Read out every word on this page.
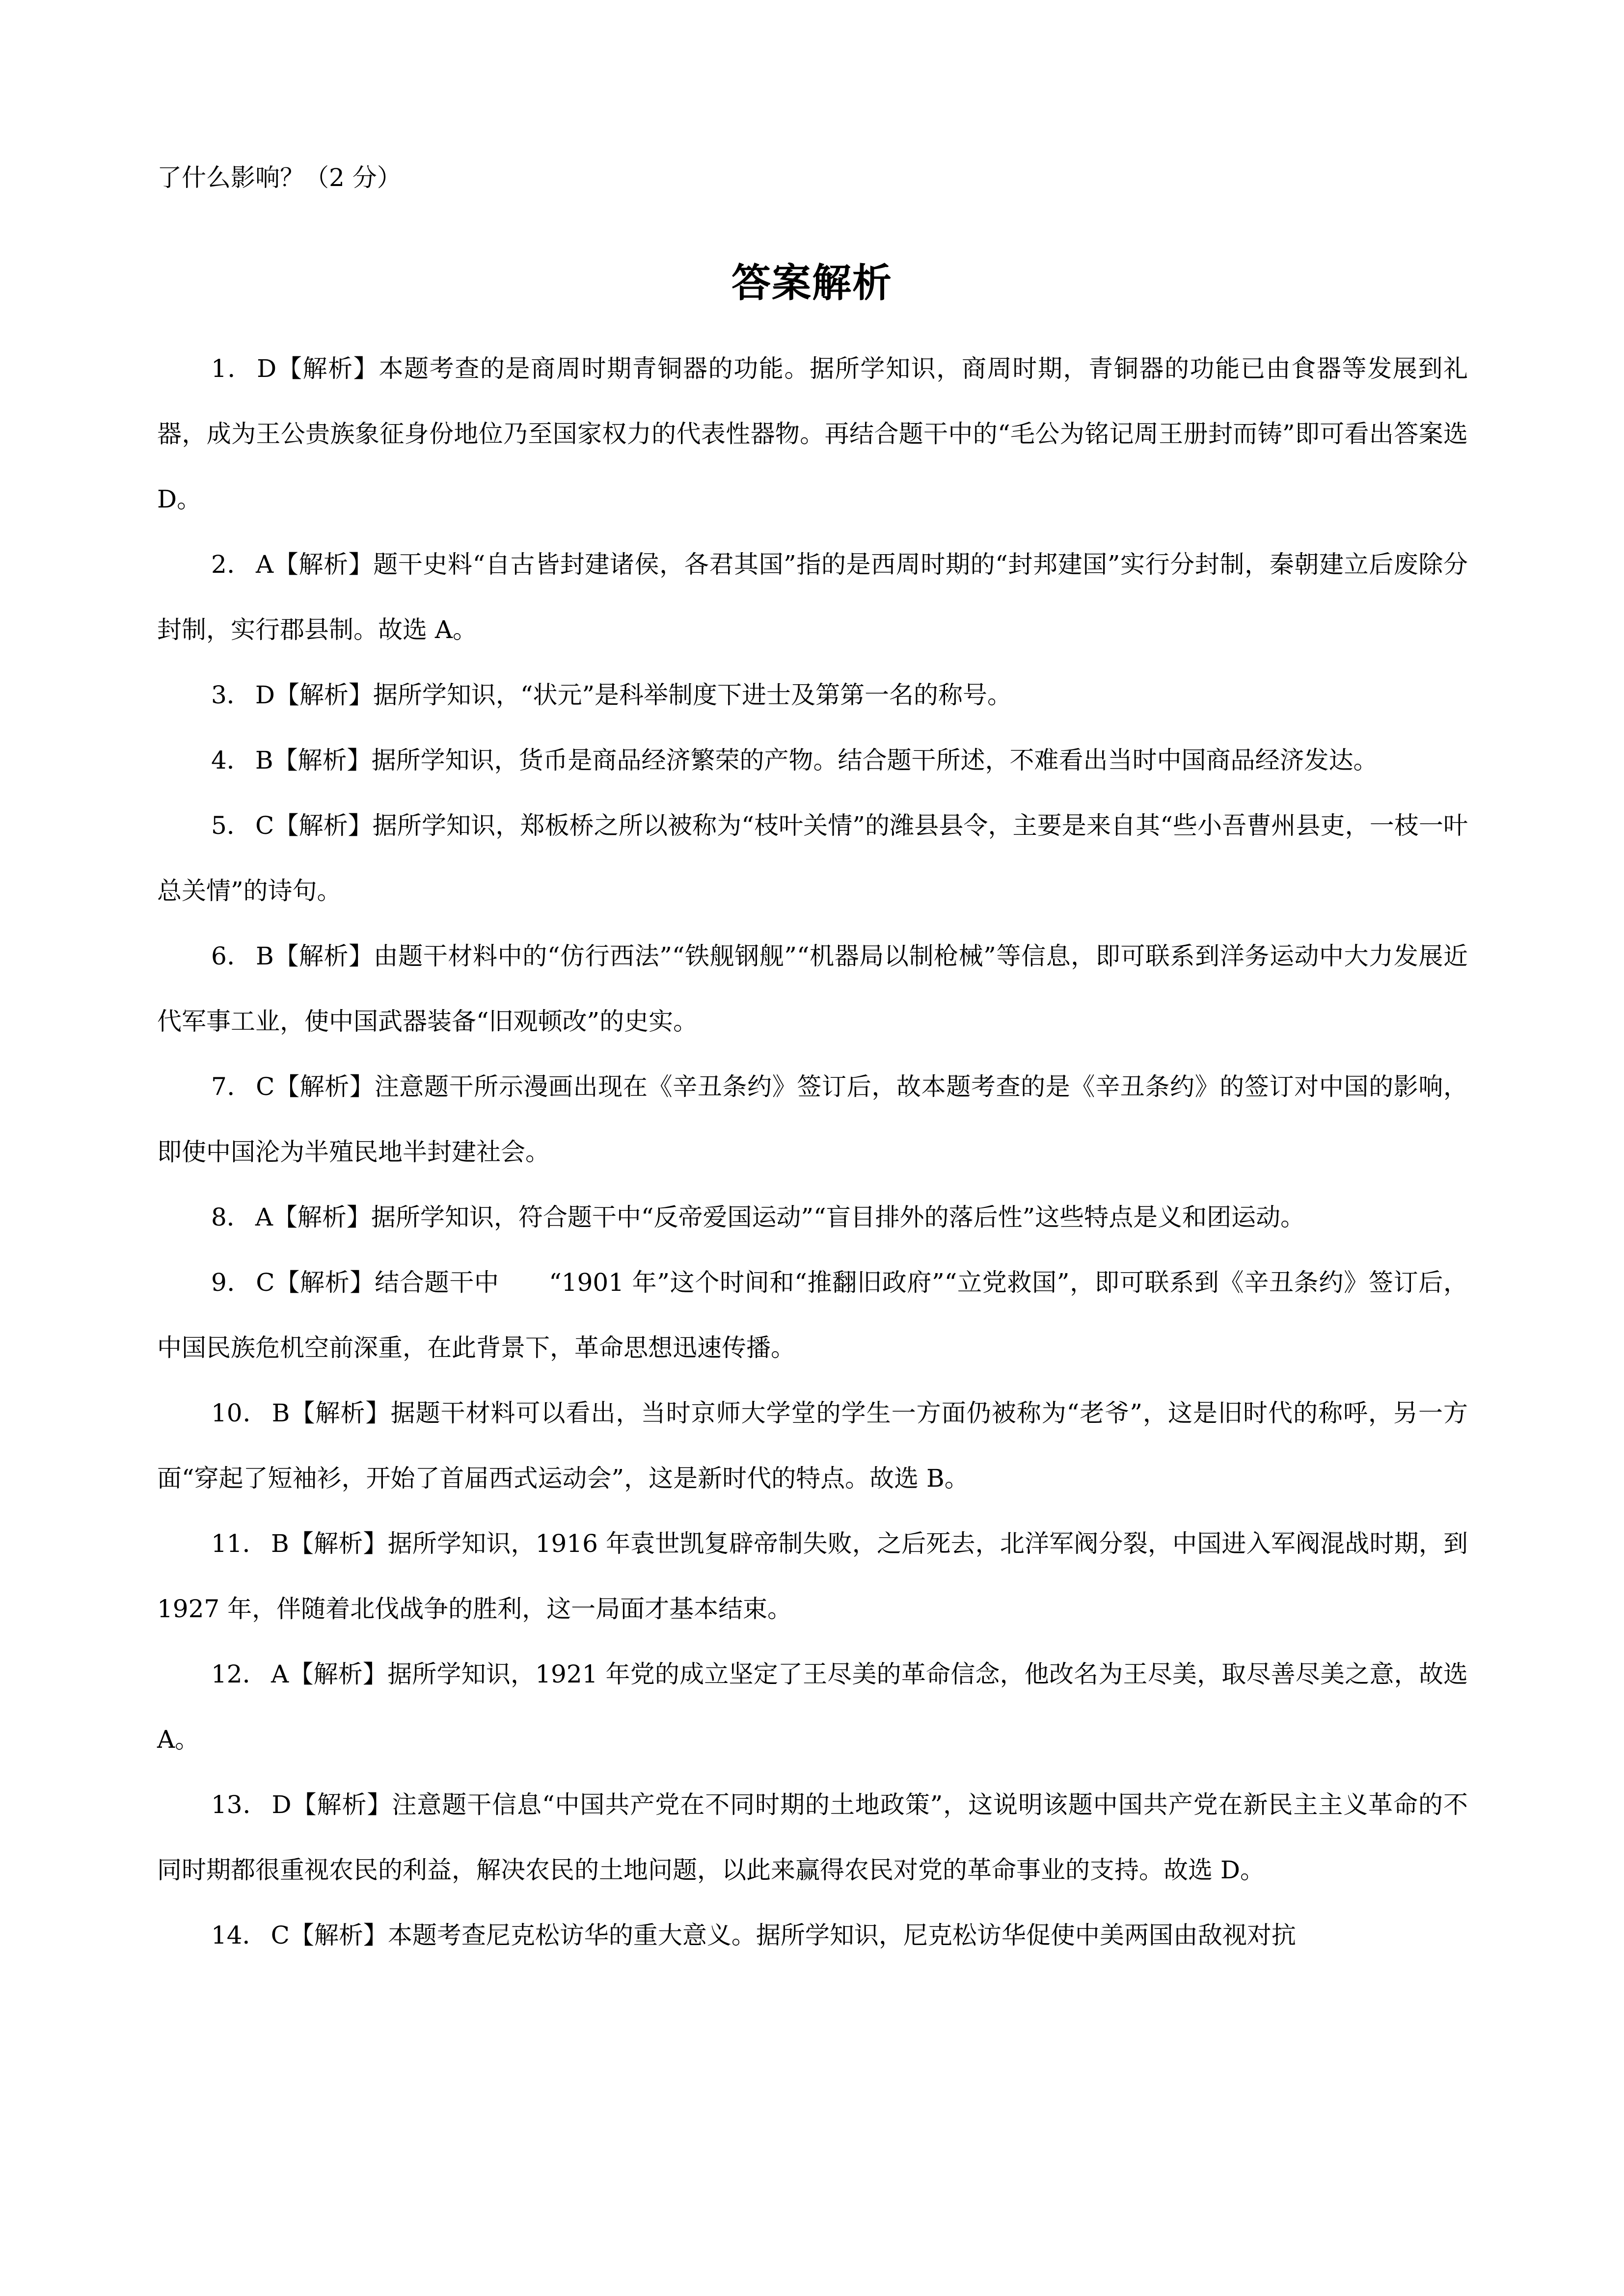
了什么影响？（2 分）

答案解析
1． D【解析】本题考查的是商周时期青铜器的功能。据所学知识，商周时期，青铜器的功能已由食器等发展到礼器，成为王公贵族象征身份地位乃至国家权力的代表性器物。再结合题干中的“毛公为铭记周王册封而铸”即可看出答案选 D。
2． A【解析】题干史料“自古皆封建诸侯，各君其国”指的是西周时期的“封邦建国”实行分封制，秦朝建立后废除分封制，实行郡县制。故选 A。
3． D【解析】据所学知识，“状元”是科举制度下进士及第第一名的称号。
4． B【解析】据所学知识，货币是商品经济繁荣的产物。结合题干所述，不难看出当时中国商品经济发达。
5． C【解析】据所学知识，郑板桥之所以被称为“枝叶关情”的潍县县令，主要是来自其“些小吾曹州县吏，一枝一叶总关情”的诗句。
6． B【解析】由题干材料中的“仿行西法”“铁舰钢舰”“机器局以制枪械”等信息，即可联系到洋务运动中大力发展近代军事工业，使中国武器装备“旧观顿改”的史实。
7． C【解析】注意题干所示漫画出现在《辛丑条约》签订后，故本题考查的是《辛丑条约》的签订对中国的影响，即使中国沦为半殖民地半封建社会。
8． A【解析】据所学知识，符合题干中“反帝爱国运动”“盲目排外的落后性”这些特点是义和团运动。
9． C【解析】结合题干中　　“1901 年”这个时间和“推翻旧政府”“立党救国”，即可联系到《辛丑条约》签订后，中国民族危机空前深重，在此背景下，革命思想迅速传播。
10． B【解析】据题干材料可以看出，当时京师大学堂的学生一方面仍被称为“老爷”，这是旧时代的称呼，另一方面“穿起了短袖衫，开始了首届西式运动会”，这是新时代的特点。故选 B。
11． B【解析】据所学知识，1916 年袁世凯复辟帝制失败，之后死去，北洋军阀分裂，中国进入军阀混战时期，到 1927 年，伴随着北伐战争的胜利，这一局面才基本结束。
12． A【解析】据所学知识，1921 年党的成立坚定了王尽美的革命信念，他改名为王尽美，取尽善尽美之意，故选 A。
13． D【解析】注意题干信息“中国共产党在不同时期的土地政策”，这说明该题中国共产党在新民主主义革命的不同时期都很重视农民的利益，解决农民的土地问题，以此来赢得农民对党的革命事业的支持。故选 D。
14． C【解析】本题考查尼克松访华的重大意义。据所学知识，尼克松访华促使中美两国由敌视对抗
